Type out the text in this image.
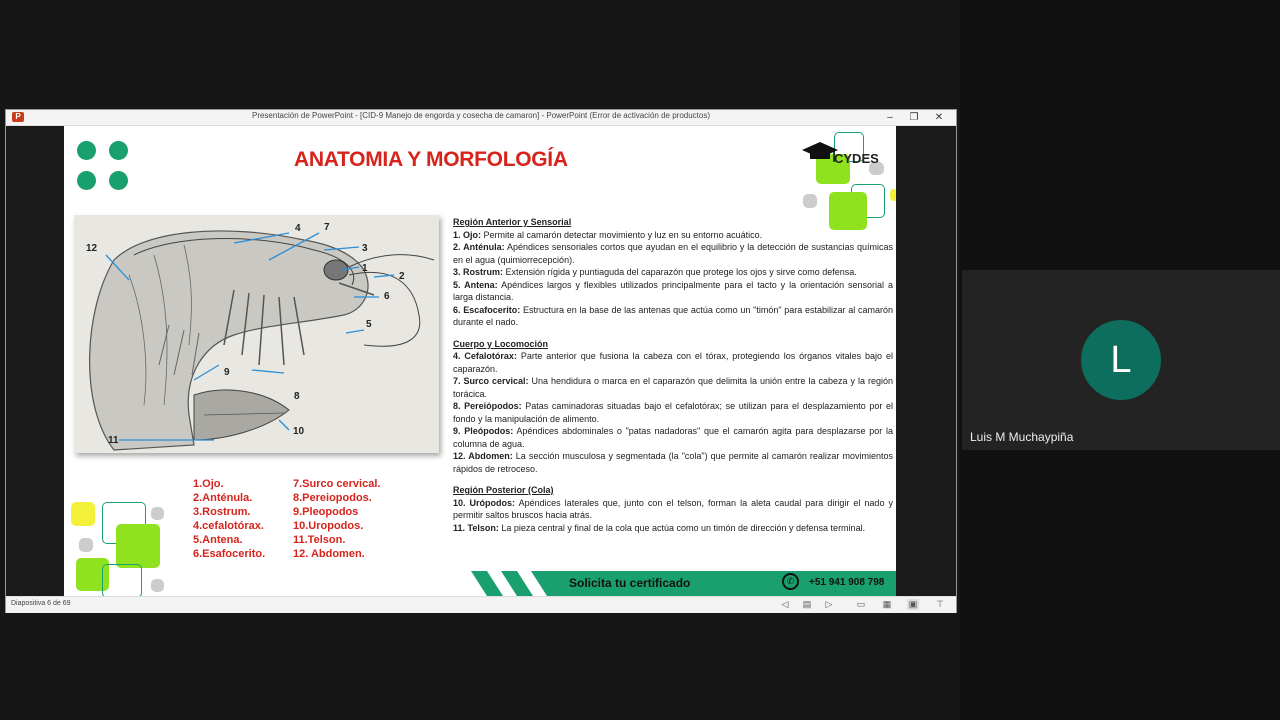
P	Presentación de PowerPoint - [CID-9 Manejo de engorda y cosecha de camaron] - PowerPoint (Error de activación de productos)	–	❐	✕
ANATOMIA Y MORFOLOGÍA	CYDES
12
4 7
3
1
2
6
5
9
8
10
11
1.Ojo.
2.Anténula.
3.Rostrum.
4.cefalotórax.
5.Antena.
6.Esafocerito.
7.Surco cervical.
8.Pereiopodos.
9.Pleopodos
10.Uropodos.
11.Telson.
12. Abdomen.
Región Anterior y Sensorial
1. Ojo: Permite al camarón detectar movimiento y luz en su entorno acuático.
2. Anténula: Apéndices sensoriales cortos que ayudan en el equilibrio y la detección de sustancias químicas en el agua (quimiorrecepción).
3. Rostrum: Extensión rígida y puntiaguda del caparazón que protege los ojos y sirve como defensa.
5. Antena: Apéndices largos y flexibles utilizados principalmente para el tacto y la orientación sensorial a larga distancia.
6. Escafocerito: Estructura en la base de las antenas que actúa como un "timón" para estabilizar al camarón durante el nado.
Cuerpo y Locomoción
4. Cefalotórax: Parte anterior que fusiona la cabeza con el tórax, protegiendo los órganos vitales bajo el caparazón.
7. Surco cervical: Una hendidura o marca en el caparazón que delimita la unión entre la cabeza y la región torácica.
8. Pereiópodos: Patas caminadoras situadas bajo el cefalotórax; se utilizan para el desplazamiento por el fondo y la manipulación de alimento.
9. Pleópodos: Apéndices abdominales o "patas nadadoras" que el camarón agita para desplazarse por la columna de agua.
12. Abdomen: La sección musculosa y segmentada (la "cola") que permite al camarón realizar movimientos rápidos de retroceso.
Región Posterior (Cola)
10. Urópodos: Apéndices laterales que, junto con el telson, forman la aleta caudal para dirigir el nado y permitir saltos bruscos hacia atrás.
11. Telson: La pieza central y final de la cola que actúa como un timón de dirección y defensa terminal.
Solicita tu certificado	✆	+51 941 908 798
Diapositiva 6 de 69	◁ ▤ ▷	▭ ▦ ▣ ⊤
L
Luis M Muchaypiña
